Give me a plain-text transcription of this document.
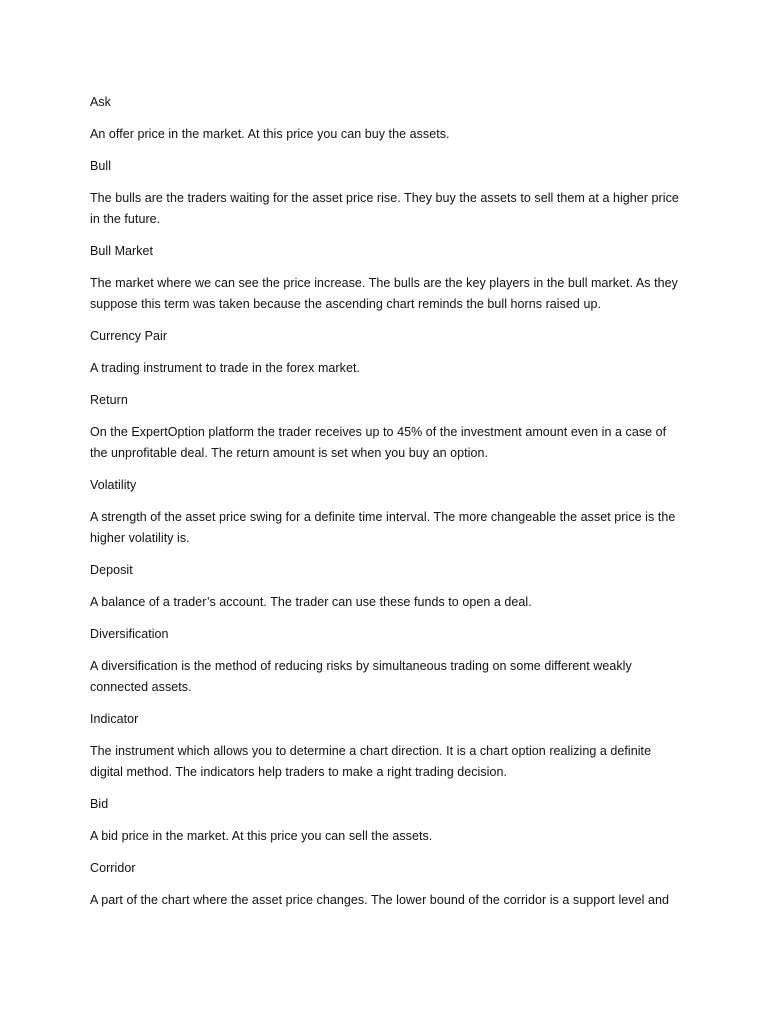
Ask

An offer price in the market. At this price you can buy the assets.

Bull

The bulls are the traders waiting for the asset price rise. They buy the assets to sell them at a higher price in the future.

Bull Market

The market where we can see the price increase. The bulls are the key players in the bull market. As they suppose this term was taken because the ascending chart reminds the bull horns raised up.

Currency Pair

A trading instrument to trade in the forex market.

Return

On the ExpertOption platform the trader receives up to 45% of the investment amount even in a case of the unprofitable deal. The return amount is set when you buy an option.

Volatility

A strength of the asset price swing for a definite time interval. The more changeable the asset price is the higher volatility is.

Deposit

A balance of a trader’s account. The trader can use these funds to open a deal.

Diversification

A diversification is the method of reducing risks by simultaneous trading on some different weakly connected assets.

Indicator

The instrument which allows you to determine a chart direction. It is a chart option realizing a definite digital method. The indicators help traders to make a right trading decision.

Bid

A bid price in the market. At this price you can sell the assets.

Corridor

A part of the chart where the asset price changes. The lower bound of the corridor is a support level and
